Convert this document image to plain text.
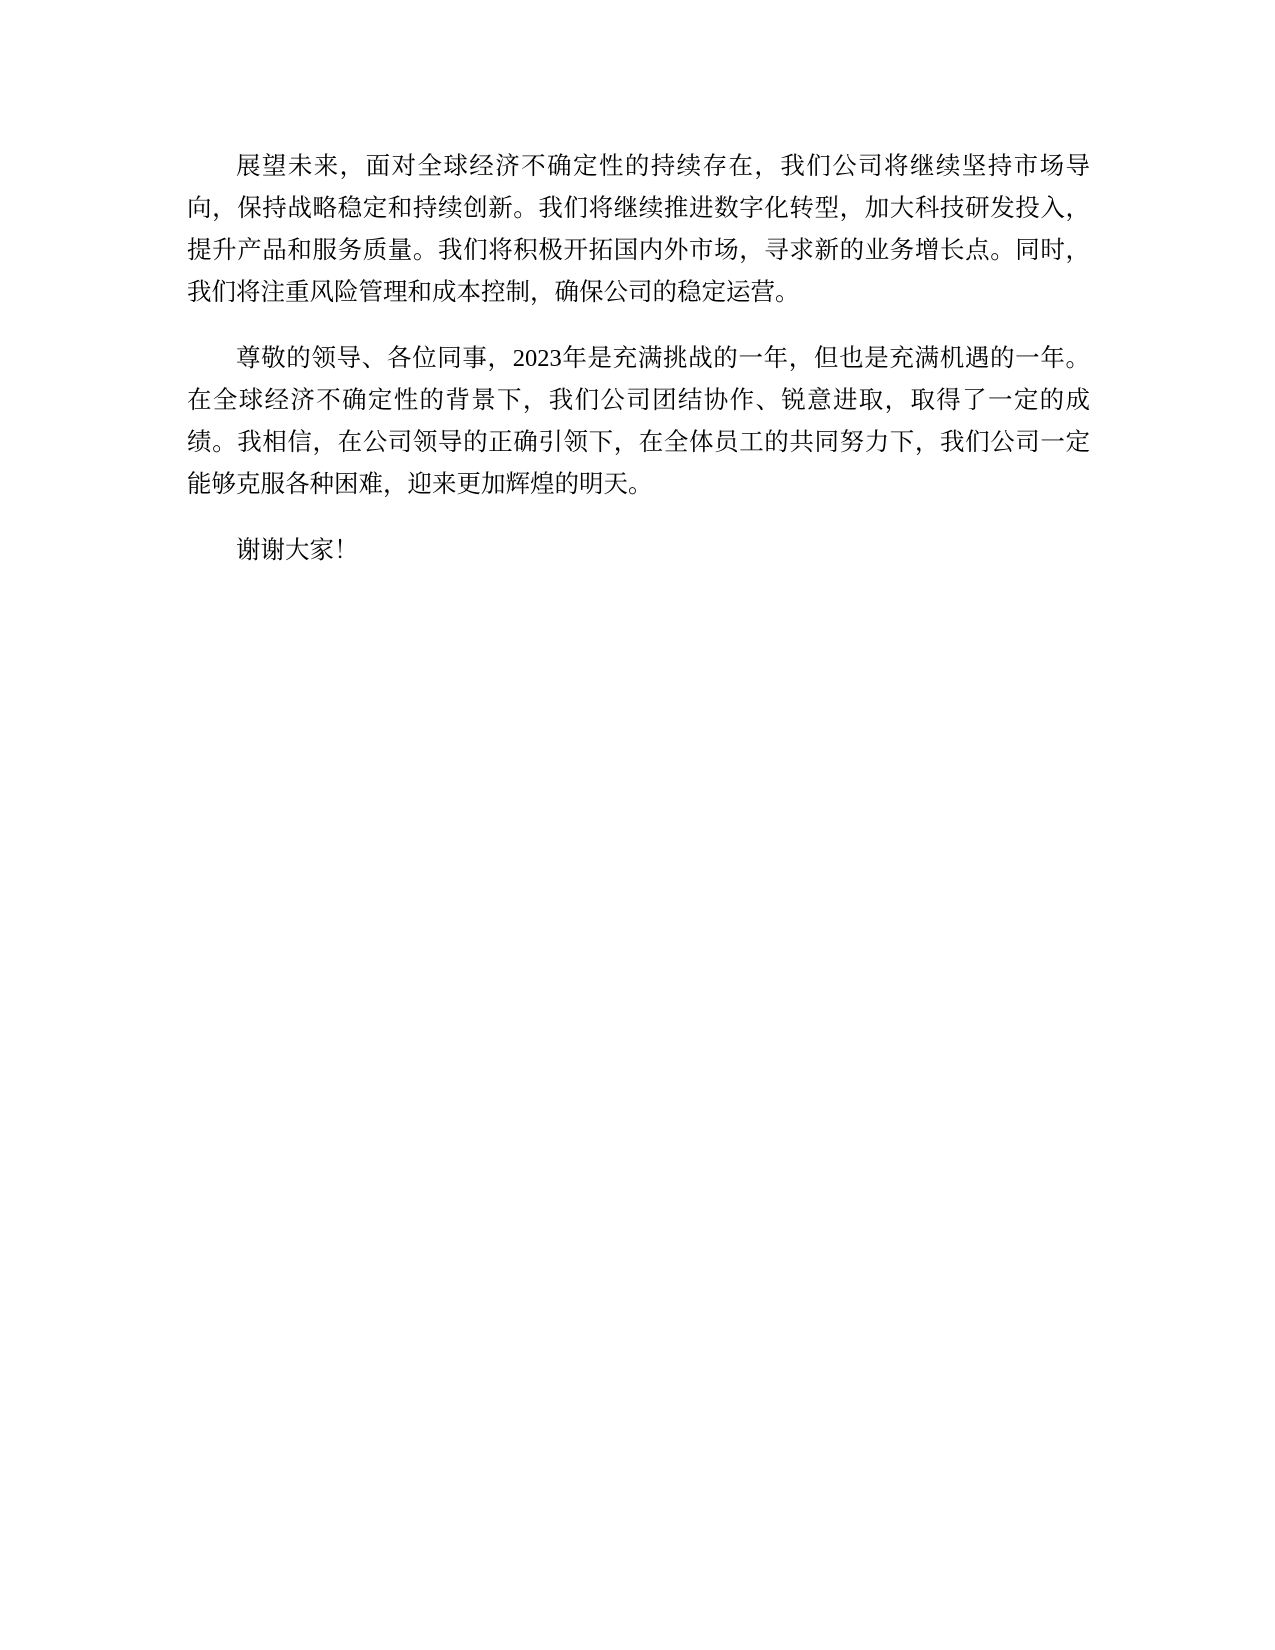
展望未来，面对全球经济不确定性的持续存在，我们公司将继续坚持市场导向，保持战略稳定和持续创新。我们将继续推进数字化转型，加大科技研发投入，提升产品和服务质量。我们将积极开拓国内外市场，寻求新的业务增长点。同时，我们将注重风险管理和成本控制，确保公司的稳定运营。

尊敬的领导、各位同事，2023年是充满挑战的一年，但也是充满机遇的一年。在全球经济不确定性的背景下，我们公司团结协作、锐意进取，取得了一定的成绩。我相信，在公司领导的正确引领下，在全体员工的共同努力下，我们公司一定能够克服各种困难，迎来更加辉煌的明天。

谢谢大家！
